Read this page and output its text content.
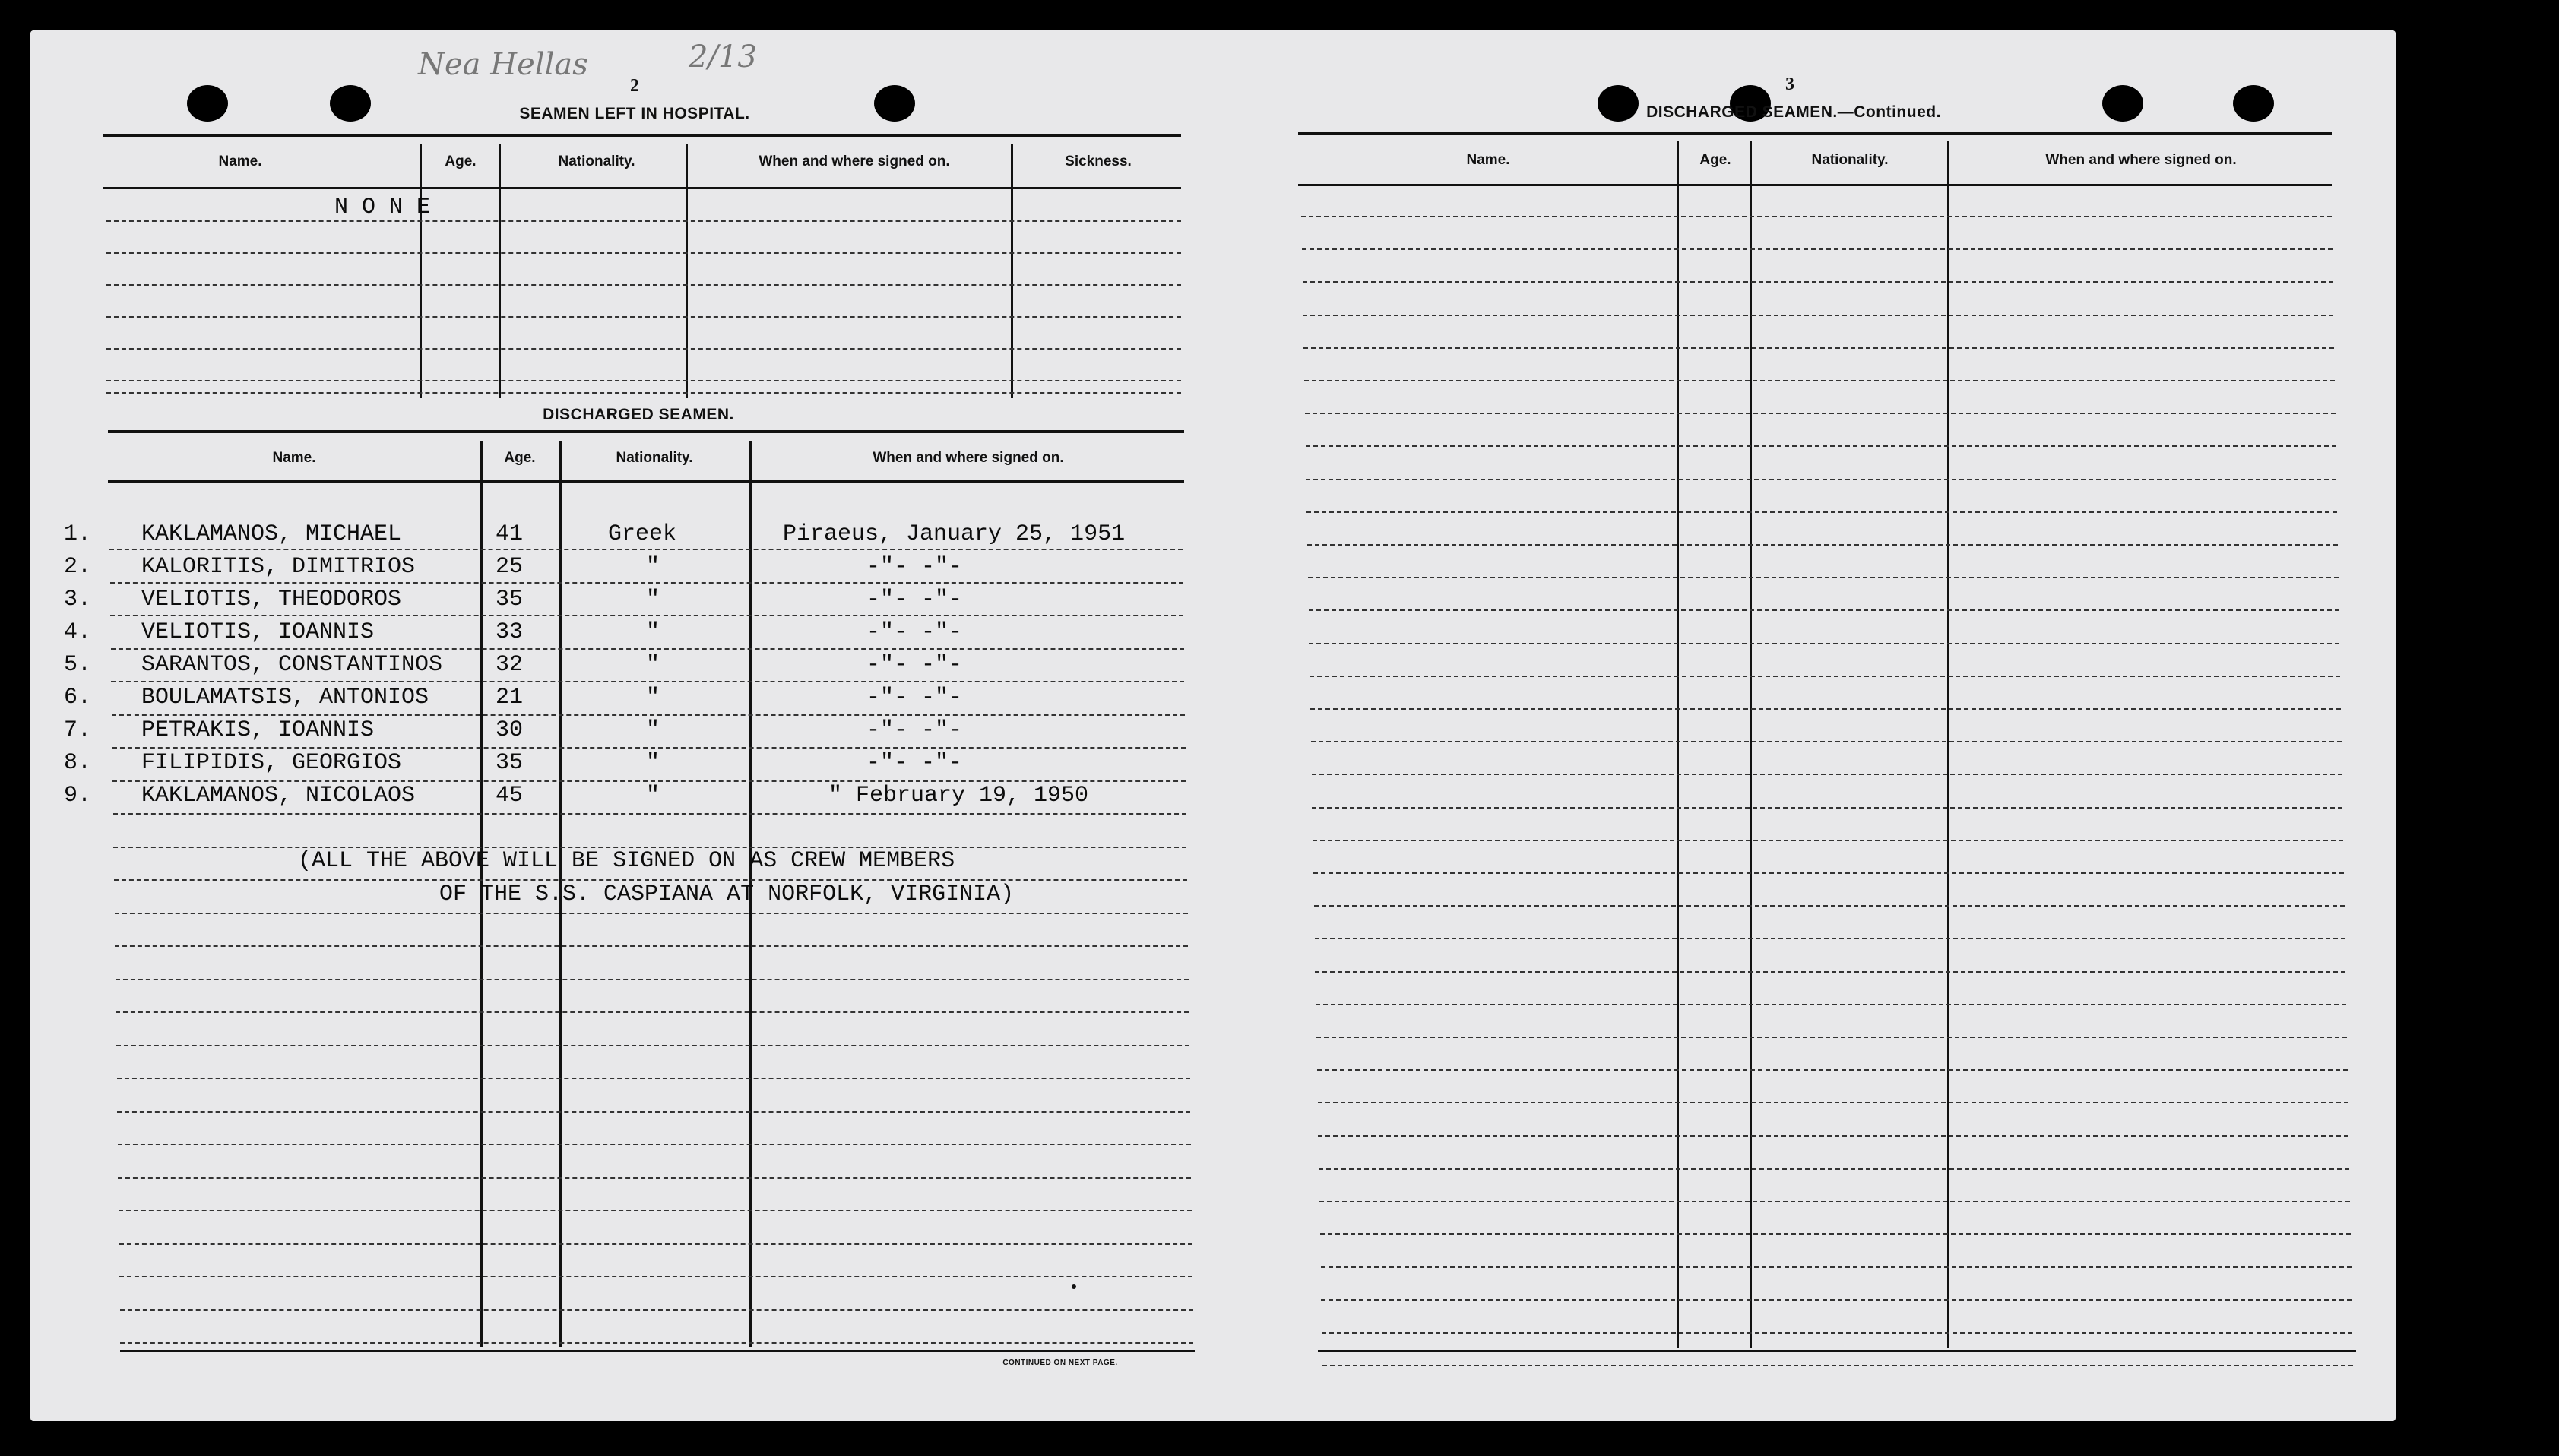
Nea Hellas	2/13
2
SEAMEN LEFT IN HOSPITAL.
Name.	Age.	Nationality.	When and where signed on.	Sickness.
N O N E
DISCHARGED SEAMEN.
Name.	Age.	Nationality.	When and where signed on.
1. KAKLAMANOS, MICHAEL	41	Greek	Piraeus, January 25, 1951
2. KALORITIS, DIMITRIOS	25	"	-"- -"-
3. VELIOTIS, THEODOROS	35	"	-"- -"-
4. VELIOTIS, IOANNIS	33	"	-"- -"-
5. SARANTOS, CONSTANTINOS 32	"	-"- -"-
6. BOULAMATSIS, ANTONIOS	21	"	-"- -"-
7. PETRAKIS, IOANNIS	30	"	-"- -"-
8. FILIPIDIS, GEORGIOS	35	"	-"- -"-
9. KAKLAMANOS, NICOLAOS	45	"	" February 19, 1950
(ALL THE ABOVE WILL BE SIGNED ON AS CREW MEMBERS
OF THE S.S. CASPIANA AT NORFOLK, VIRGINIA)
CONTINUED ON NEXT PAGE.
3
DISCHARGED SEAMEN.—Continued.
Name.	Age.	Nationality.	When and where signed on.
